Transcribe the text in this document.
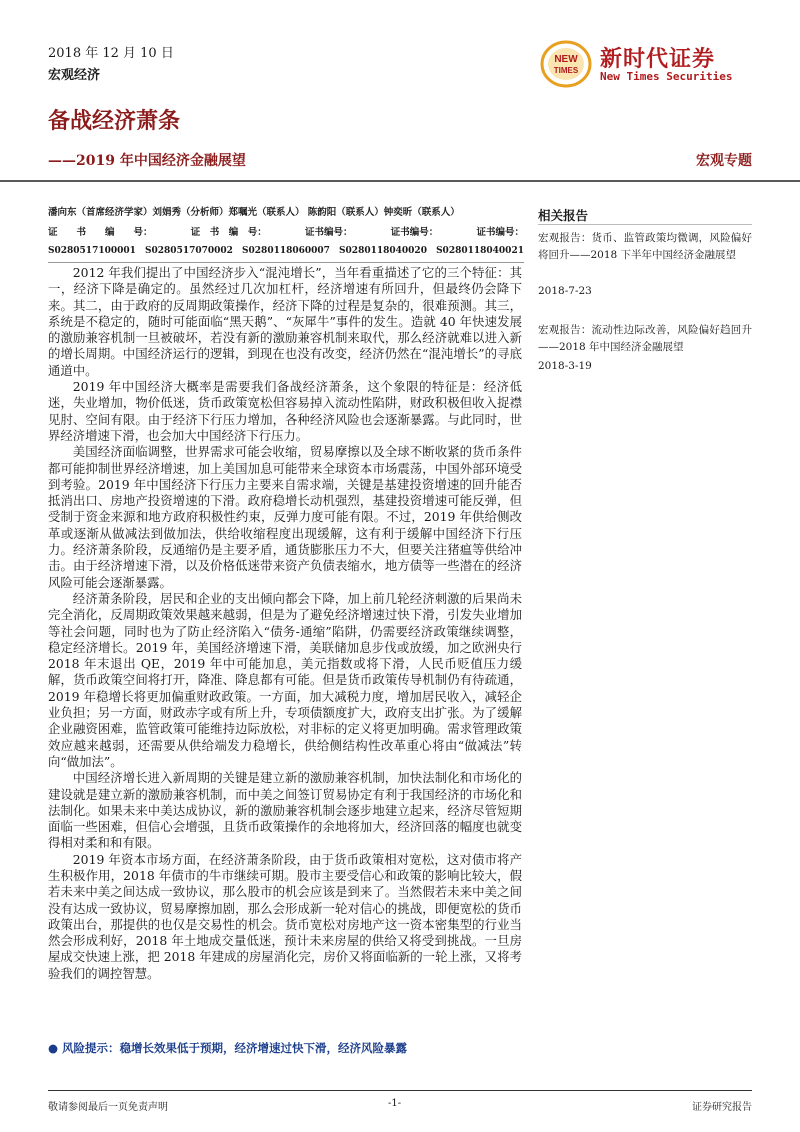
2018 年 12 月 10 日
宏观经济
NEW
TIMES 新时代证券
New Times Securities
备战经济萧条
——2019 年中国经济金融展望	宏观专题
潘向东（首席经济学家）刘娟秀（分析师）郑嘱光（联系人） 陈韵阳（联系人）钟奕昕（联系人）
证　　书　　编　　号：	证　书　编　号：	证书编号：	证书编号：	证书编号：
S0280517100001 S0280517070002 S0280118060007 S0280118040020 S0280118040021

2012 年我们提出了中国经济步入“混沌增长”，当年看重描述了它的三个特征：其一，经济下降是确定的。虽然经过几次加杠杆，经济增速有所回升，但最终仍会降下来。其二，由于政府的反周期政策操作，经济下降的过程是复杂的，很难预测。其三，系统是不稳定的，随时可能面临“黑天鹅”、“灰犀牛”事件的发生。造就 40 年快速发展的激励兼容机制一旦被破坏，若没有新的激励兼容机制来取代，那么经济就难以进入新的增长周期。中国经济运行的逻辑，到现在也没有改变，经济仍然在“混沌增长”的寻底通道中。

2019 年中国经济大概率是需要我们备战经济萧条，这个象限的特征是：经济低迷，失业增加，物价低迷，货币政策宽松但容易掉入流动性陷阱，财政积极但收入捉襟见肘、空间有限。由于经济下行压力增加，各种经济风险也会逐渐暴露。与此同时，世界经济增速下滑，也会加大中国经济下行压力。

美国经济面临调整，世界需求可能会收缩，贸易摩擦以及全球不断收紧的货币条件都可能抑制世界经济增速，加上美国加息可能带来全球资本市场震荡，中国外部环境受到考验。2019 年中国经济下行压力主要来自需求端，关键是基建投资增速的回升能否抵消出口、房地产投资增速的下滑。政府稳增长动机强烈，基建投资增速可能反弹，但受制于资金来源和地方政府积极性约束，反弹力度可能有限。不过，2019 年供给侧改革或逐渐从做减法到做加法，供给收缩程度出现缓解，这有利于缓解中国经济下行压力。经济萧条阶段，反通缩仍是主要矛盾，通货膨胀压力不大，但要关注猪瘟等供给冲击。由于经济增速下滑，以及价格低迷带来资产负债表缩水，地方债等一些潜在的经济风险可能会逐渐暴露。

经济萧条阶段，居民和企业的支出倾向都会下降，加上前几轮经济刺激的后果尚未完全消化，反周期政策效果越来越弱，但是为了避免经济增速过快下滑，引发失业增加等社会问题，同时也为了防止经济陷入“债务-通缩”陷阱，仍需要经济政策继续调整，稳定经济增长。2019 年，美国经济增速下滑，美联储加息步伐或放缓，加之欧洲央行 2018 年末退出 QE，2019 年中可能加息，美元指数或将下滑，人民币贬值压力缓解，货币政策空间将打开，降准、降息都有可能。但是货币政策传导机制仍有待疏通，2019 年稳增长将更加偏重财政政策。一方面，加大减税力度，增加居民收入，减轻企业负担；另一方面，财政赤字或有所上升，专项债额度扩大，政府支出扩张。为了缓解企业融资困难，监管政策可能维持边际放松，对非标的定义将更加明确。需求管理政策效应越来越弱，还需要从供给端发力稳增长，供给侧结构性改革重心将由“做减法”转向“做加法”。

中国经济增长进入新周期的关键是建立新的激励兼容机制，加快法制化和市场化的建设就是建立新的激励兼容机制，而中美之间签订贸易协定有利于我国经济的市场化和法制化。如果未来中美达成协议，新的激励兼容机制会逐步地建立起来，经济尽管短期面临一些困难，但信心会增强，且货币政策操作的余地将加大，经济回落的幅度也就变得相对柔和和有限。

2019 年资本市场方面，在经济萧条阶段，由于货币政策相对宽松，这对债市将产生积极作用，2018 年债市的牛市继续可期。股市主要受信心和政策的影响比较大，假若未来中美之间达成一致协议，那么股市的机会应该是到来了。当然假若未来中美之间没有达成一致协议，贸易摩擦加剧，那么会形成新一轮对信心的挑战，即便宽松的货币政策出台，那提供的也仅是交易性的机会。货币宽松对房地产这一资本密集型的行业当然会形成利好，2018 年土地成交量低迷，预计未来房屋的供给又将受到挑战。一旦房屋成交快速上涨，把 2018 年建成的房屋消化完，房价又将面临新的一轮上涨，又将考验我们的调控智慧。

● 风险提示：稳增长效果低于预期，经济增速过快下滑，经济风险暴露
相关报告
宏观报告：货币、监管政策均微调，风险偏好将回升——2018 下半年中国经济金融展望
2018-7-23
宏观报告：流动性边际改善，风险偏好趋回升——2018 年中国经济金融展望
2018-3-19
敬请参阅最后一页免责声明	-1-	证券研究报告
